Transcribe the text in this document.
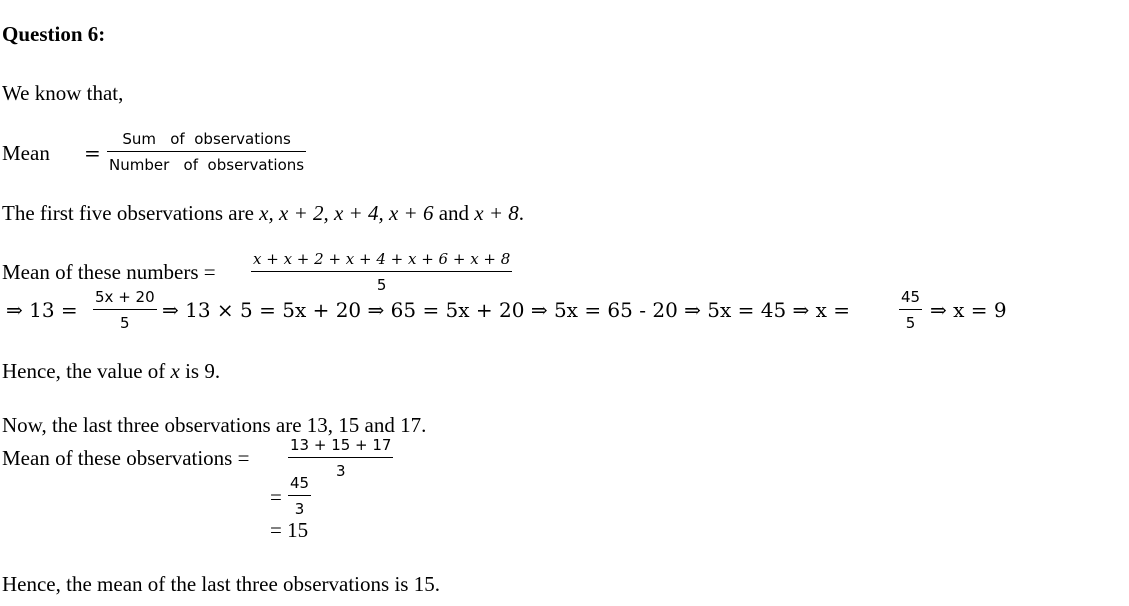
Question 6:
We know that,
Mean =
Sum   of  observations
Number   of  observations
The first five observations are x, x + 2, x + 4, x + 6 and x + 8.
Mean of these numbers =
x + x + 2 + x + 4 + x + 6 + x + 8
5
⇒ 13 =
5x + 20
5
⇒ 13 × 5 = 5x + 20 ⇒ 65 = 5x + 20 ⇒ 5x = 65 - 20 ⇒ 5x = 45 ⇒ x =
45
5
⇒ x = 9
Hence, the value of x is 9.
Now, the last three observations are 13, 15 and 17.
Mean of these observations =
13 + 15 + 17
3
=
45
3
= 15
Hence, the mean of the last three observations is 15.
